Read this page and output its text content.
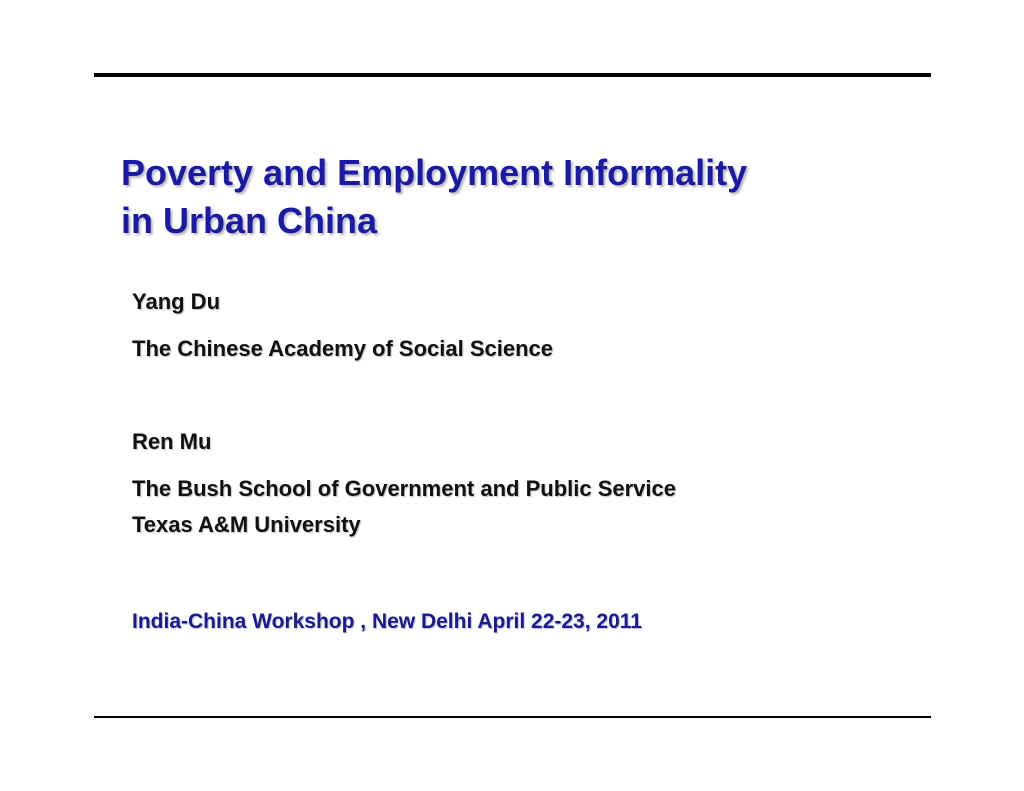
Poverty and Employment Informality
in Urban China

Yang Du

The Chinese Academy of Social Science

Ren Mu

The Bush School of Government and Public Service

Texas A&M University

India-China Workshop , New Delhi April 22-23, 2011
